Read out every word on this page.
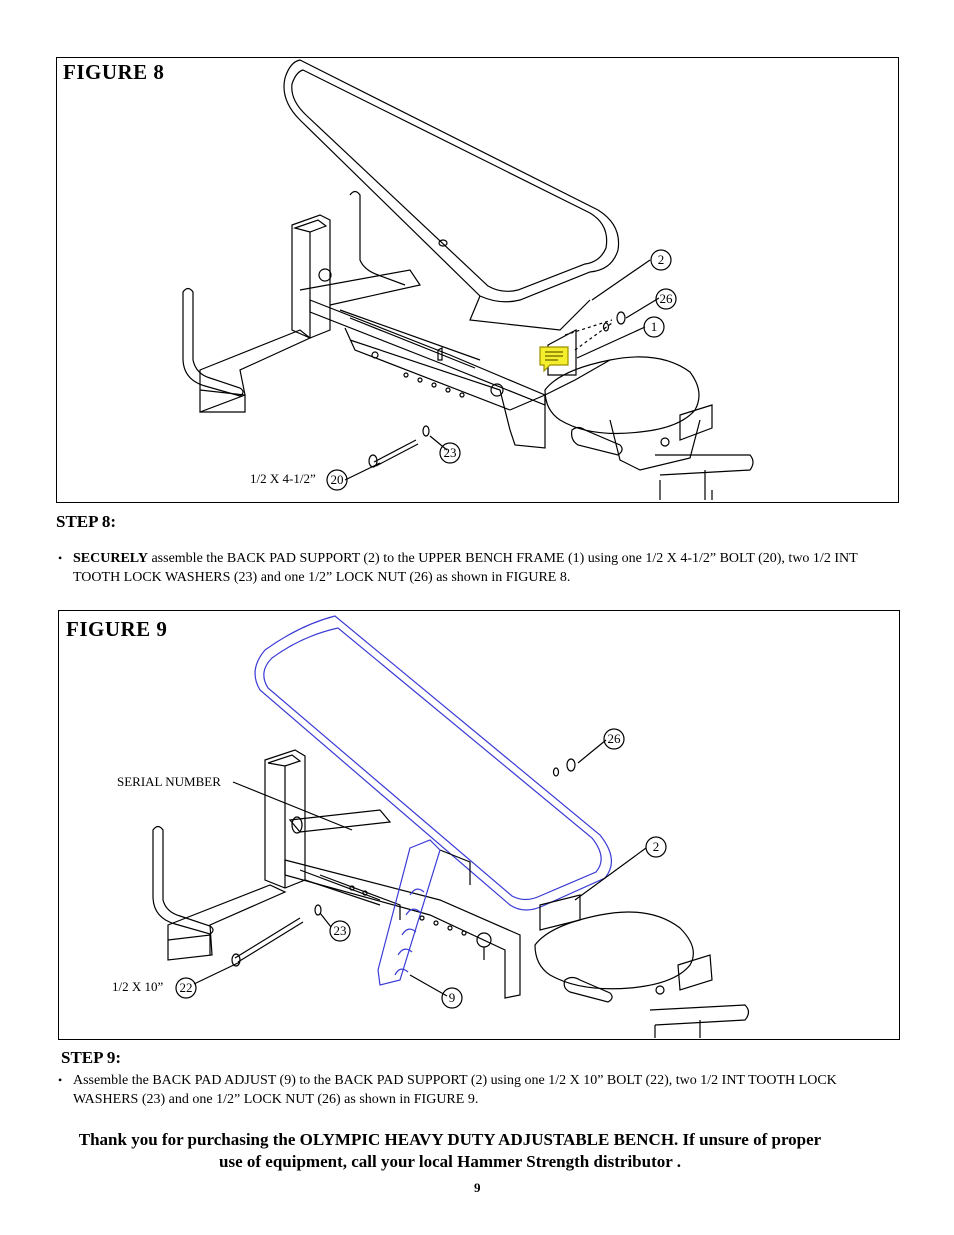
FIGURE 8
2
26
1
23
20
1/2 X 4-1/2”
STEP 8:
• SECURELY assemble the BACK PAD SUPPORT (2) to the UPPER BENCH FRAME (1) using one 1/2 X 4-1/2” BOLT (20), two 1/2 INT TOOTH LOCK WASHERS (23) and one 1/2” LOCK NUT (26) as shown in FIGURE 8.
FIGURE 9
26
2
23
22
9
SERIAL NUMBER
1/2 X 10”
STEP 9:
• Assemble the BACK PAD ADJUST (9) to the BACK PAD SUPPORT (2) using one 1/2 X 10” BOLT (22), two 1/2 INT TOOTH LOCK WASHERS (23) and one 1/2” LOCK NUT (26) as shown in FIGURE 9.
Thank you for purchasing the OLYMPIC HEAVY DUTY ADJUSTABLE BENCH. If unsure of proper
use of equipment, call your local Hammer Strength distributor .
9
